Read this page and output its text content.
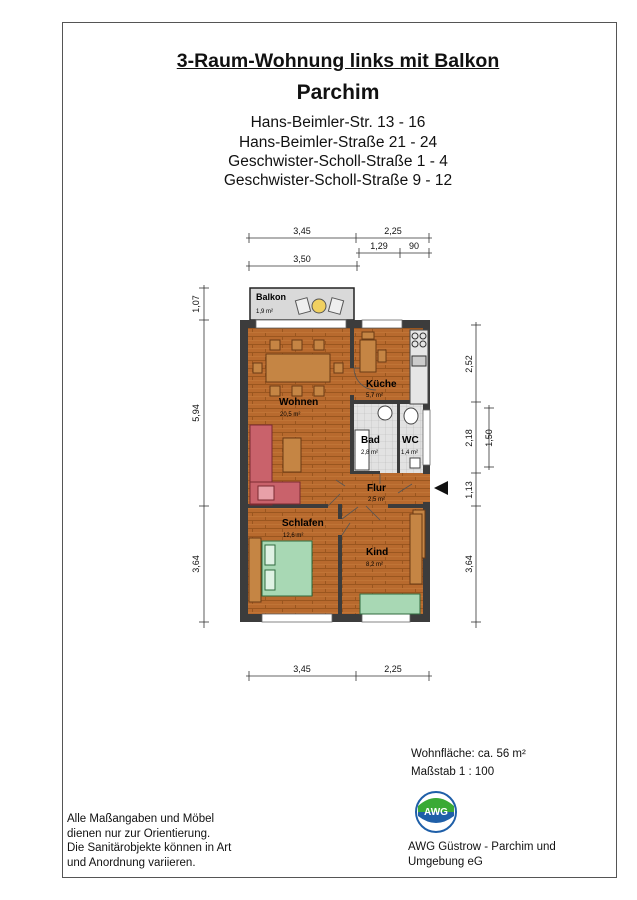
3-Raum-Wohnung links mit Balkon
Parchim
Hans-Beimler-Str. 13 - 16
Hans-Beimler-Straße 21 - 24
Geschwister-Scholl-Straße 1 - 4
Geschwister-Scholl-Straße 9 - 12
Balkon
1,9 m²
Wohnen
20,5 m²
Küche
5,7 m²
Bad
2,8 m²
WC
1,4 m²
Flur
2,5 m²
Schlafen
12,6 m²
Kind
8,2 m²
3,45	2,25
1,29 90
3,50
3,45	2,25
1,07
5,94
3,64
2,52
2,18 1,50
1,13
3,64
AWG
Wohnfläche: ca. 56 m²
Maßstab 1 : 100
Alle Maßangaben und Möbel
dienen nur zur Orientierung.
Die Sanitärobjekte können in Art
und Anordnung variieren.
AWG Güstrow - Parchim und
Umgebung eG
